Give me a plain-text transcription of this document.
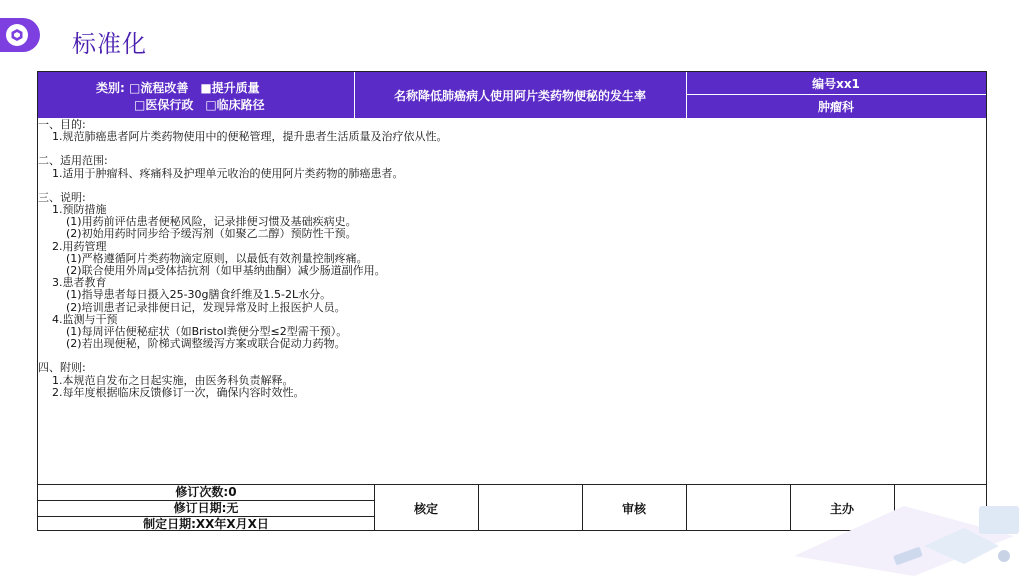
标准化
类别: □流程改善　■提升质量
□医保行政　□临床路径
名称降低肺癌病人使用阿片类药物便秘的发生率
编号xx1
肿瘤科
一、目的:
1.规范肺癌患者阿片类药物使用中的便秘管理，提升患者生活质量及治疗依从性。
二、适用范围:
1.适用于肿瘤科、疼痛科及护理单元收治的使用阿片类药物的肺癌患者。
三、说明:
1.预防措施
(1)用药前评估患者便秘风险，记录排便习惯及基础疾病史。
(2)初始用药时同步给予缓泻剂（如聚乙二醇）预防性干预。
2.用药管理
(1)严格遵循阿片类药物滴定原则，以最低有效剂量控制疼痛。
(2)联合使用外周μ受体拮抗剂（如甲基纳曲酮）减少肠道副作用。
3.患者教育
(1)指导患者每日摄入25-30g膳食纤维及1.5-2L水分。
(2)培训患者记录排便日记，发现异常及时上报医护人员。
4.监测与干预
(1)每周评估便秘症状（如Bristol粪便分型≤2型需干预）。
(2)若出现便秘，阶梯式调整缓泻方案或联合促动力药物。
四、附则:
1.本规范自发布之日起实施，由医务科负责解释。
2.每年度根据临床反馈修订一次，确保内容时效性。
修订次数:0
修订日期:无
制定日期:XX年X月X日
核定	审核	主办
